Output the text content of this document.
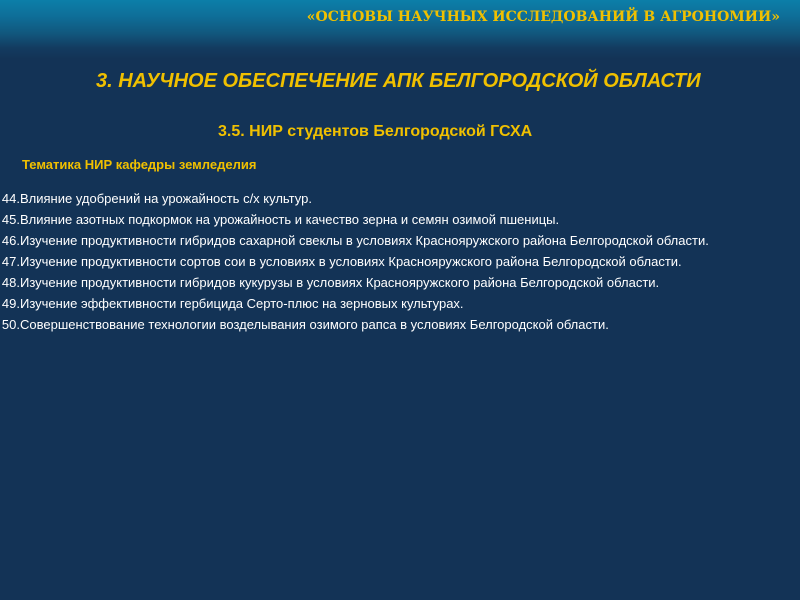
«ОСНОВЫ НАУЧНЫХ ИССЛЕДОВАНИЙ В АГРОНОМИИ»
3. НАУЧНОЕ ОБЕСПЕЧЕНИЕ АПК БЕЛГОРОДСКОЙ ОБЛАСТИ
3.5. НИР студентов Белгородской ГСХА
Тематика НИР кафедры земледелия

44. Влияние удобрений на урожайность с/х культур.

45. Влияние азотных подкормок на урожайность и качество зерна и семян озимой пшеницы.

46. Изучение продуктивности гибридов сахарной свеклы в условиях Краснояружского района Белгородской области.

47. Изучение продуктивности сортов сои в условиях в условиях Краснояружского района Белгородской области.

48. Изучение продуктивности гибридов кукурузы в условиях Краснояружского района Белгородской области.

49. Изучение эффективности гербицида Серто-плюс на зерновых культурах.

50. Совершенствование технологии возделывания озимого рапса в условиях Белгородской области.
